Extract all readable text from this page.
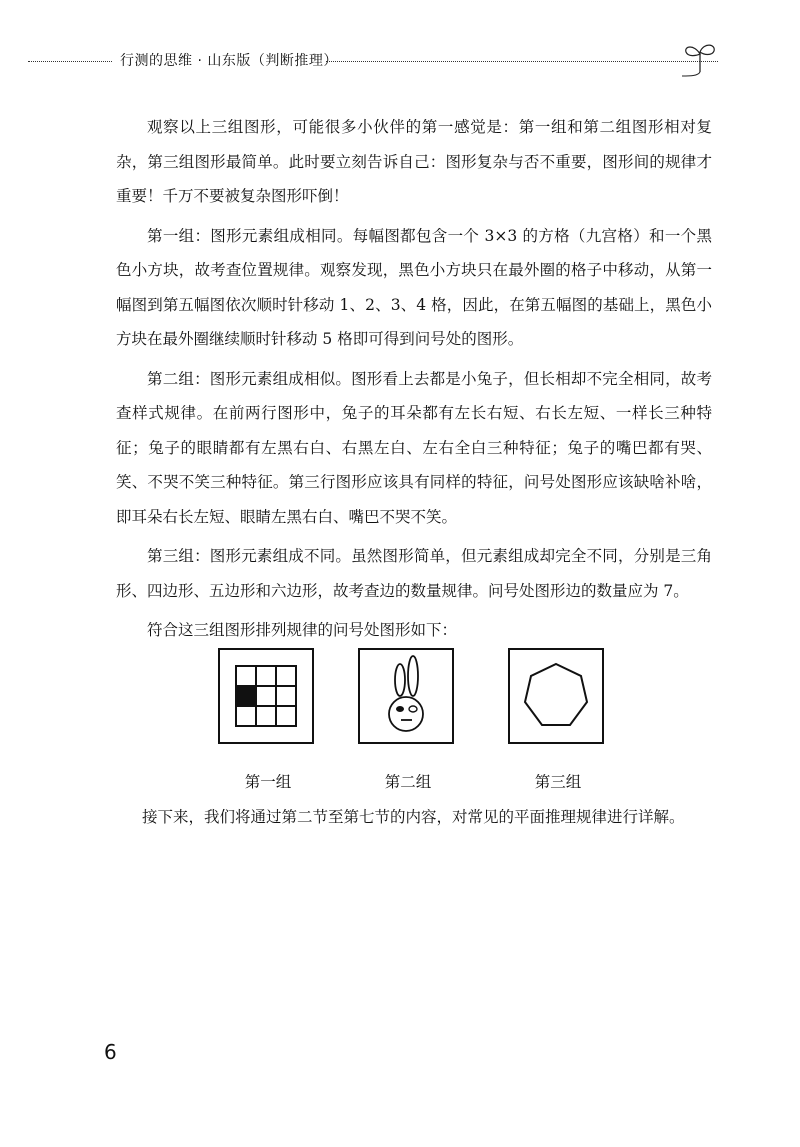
行测的思维 · 山东版（判断推理）

观察以上三组图形，可能很多小伙伴的第一感觉是：第一组和第二组图形相对复杂，第三组图形最简单。此时要立刻告诉自己：图形复杂与否不重要，图形间的规律才重要！千万不要被复杂图形吓倒！

第一组：图形元素组成相同。每幅图都包含一个 3×3 的方格（九宫格）和一个黑色小方块，故考查位置规律。观察发现，黑色小方块只在最外圈的格子中移动，从第一幅图到第五幅图依次顺时针移动 1、2、3、4 格，因此，在第五幅图的基础上，黑色小方块在最外圈继续顺时针移动 5 格即可得到问号处的图形。

第二组：图形元素组成相似。图形看上去都是小兔子，但长相却不完全相同，故考查样式规律。在前两行图形中，兔子的耳朵都有左长右短、右长左短、一样长三种特征；兔子的眼睛都有左黑右白、右黑左白、左右全白三种特征；兔子的嘴巴都有哭、笑、不哭不笑三种特征。第三行图形应该具有同样的特征，问号处图形应该缺啥补啥，即耳朵右长左短、眼睛左黑右白、嘴巴不哭不笑。

第三组：图形元素组成不同。虽然图形简单，但元素组成却完全不同，分别是三角形、四边形、五边形和六边形，故考查边的数量规律。问号处图形边的数量应为 7。

符合这三组图形排列规律的问号处图形如下：

第一组	第二组	第三组
接下来，我们将通过第二节至第七节的内容，对常见的平面推理规律进行详解。
6
